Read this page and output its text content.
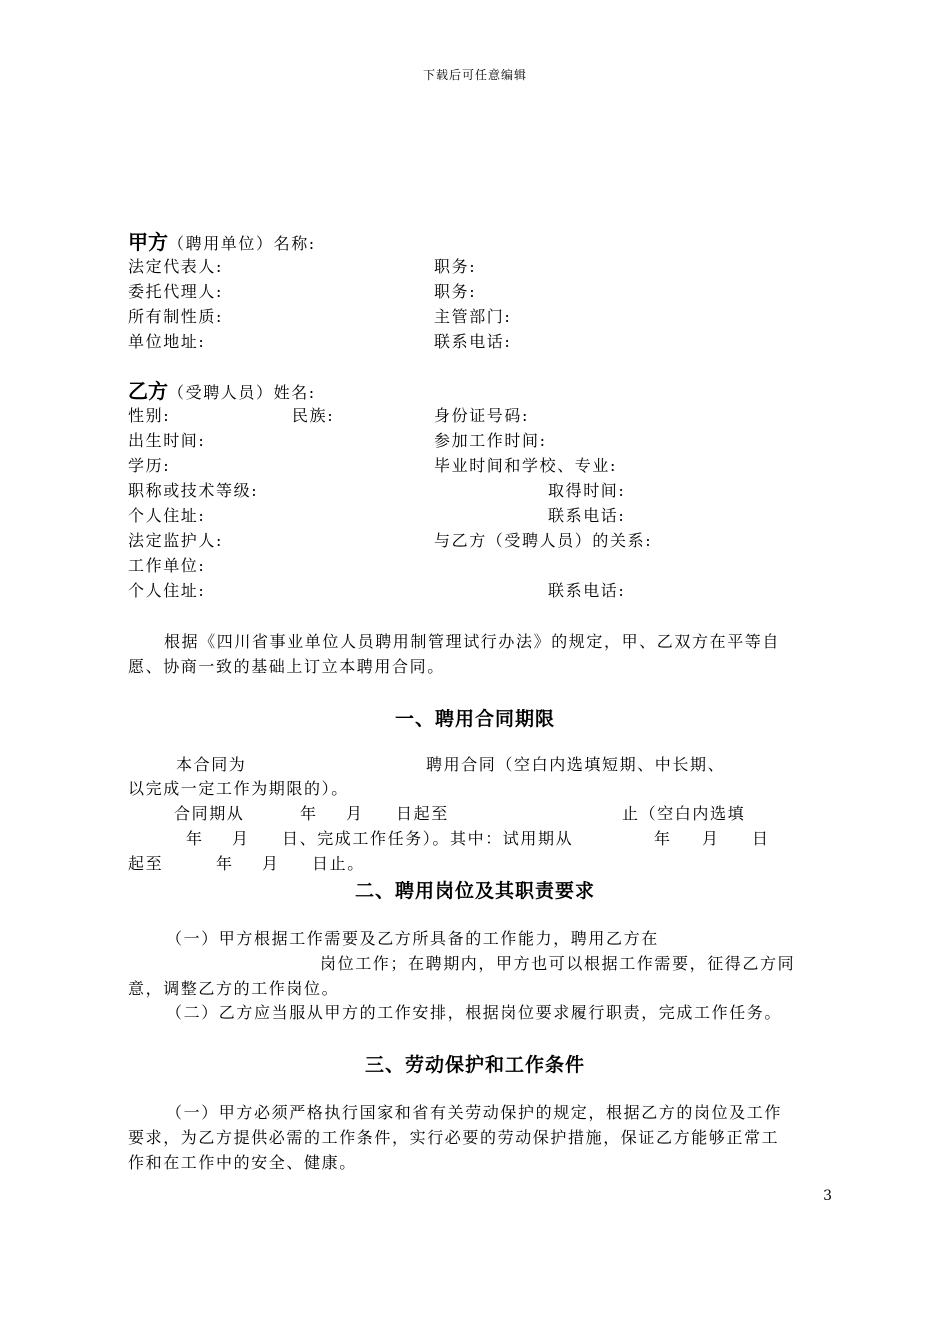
下载后可任意编辑
甲方（聘用单位）名称:
法定代表人:	职务:
委托代理人:	职务:
所有制性质:	主管部门:
单位地址:	联系电话:
乙方（受聘人员）姓名:
性别:	民族:	身份证号码:
出生时间:	参加工作时间:
学历:	毕业时间和学校、专业:
职称或技术等级:	取得时间:
个人住址:	联系电话:
法定监护人:	与乙方（受聘人员）的关系:
工作单位:
个人住址:	联系电话:
根据《四川省事业单位人员聘用制管理试行办法》的规定，甲、乙双方在平等自
愿、协商一致的基础上订立本聘用合同。
一、聘用合同期限
本合同为	聘用合同（空白内选填短期、中长期、
以完成一定工作为期限的）。
合同期从	年 月 日起至	止（空白内选填
年 月 日、完成工作任务）。其中：试用期从	年 月 日
起至	年 月 日止。
二、聘用岗位及其职责要求
（一）甲方根据工作需要及乙方所具备的工作能力，聘用乙方在
岗位工作；在聘期内，甲方也可以根据工作需要，征得乙方同
意，调整乙方的工作岗位。
（二）乙方应当服从甲方的工作安排，根据岗位要求履行职责，完成工作任务。
三、劳动保护和工作条件
（一）甲方必须严格执行国家和省有关劳动保护的规定，根据乙方的岗位及工作
要求，为乙方提供必需的工作条件，实行必要的劳动保护措施，保证乙方能够正常工
作和在工作中的安全、健康。
3
